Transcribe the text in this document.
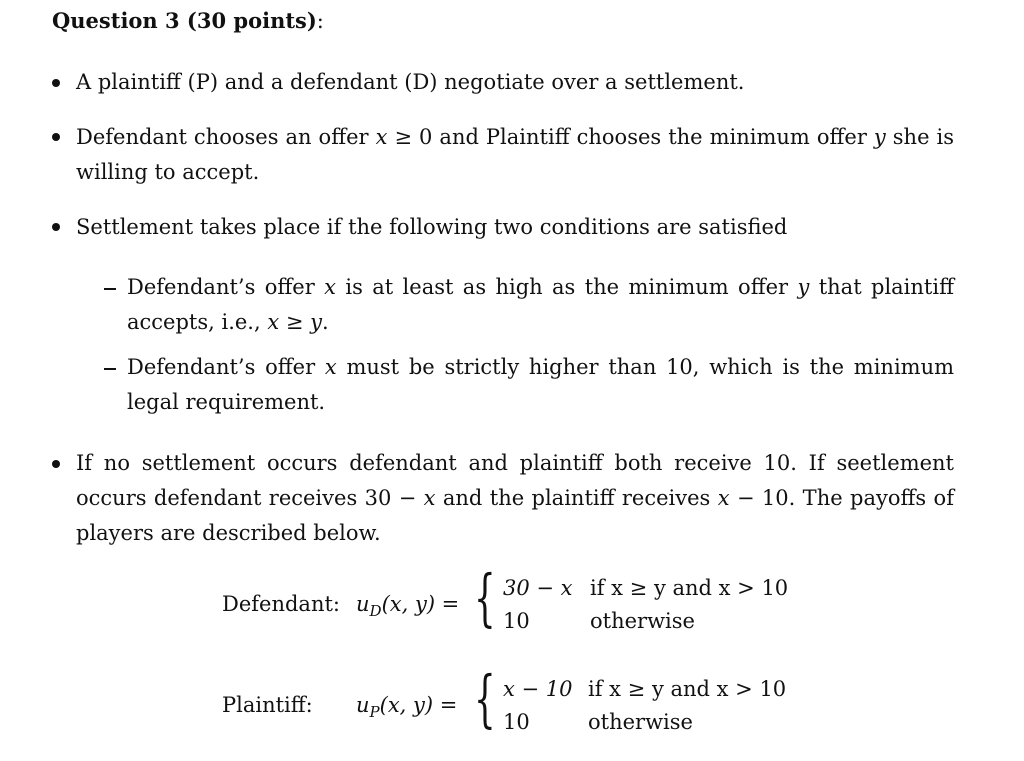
Question 3 (30 points):
A plaintiff (P) and a defendant (D) negotiate over a settlement.
Defendant chooses an offer x ≥ 0 and Plaintiff chooses the minimum offer y she is willing to accept.
Settlement takes place if the following two conditions are satisfied
Defendant’s offer x is at least as high as the minimum offer y that plaintiff accepts, i.e., x ≥ y.
Defendant’s offer x must be strictly higher than 10, which is the minimum legal requirement.
If no settlement occurs defendant and plaintiff both receive 10. If seetlement occurs defendant receives 30 − x and the plaintiff receives x − 10. The payoffs of players are described below.
Defendant: $u_D(x$, y) = { 30 − x if x ≥ y and x > 10
10	otherwise
Plaintiff: $u_P(x$, y) = { x − 10 if x ≥ y and x > 10
10	otherwise
